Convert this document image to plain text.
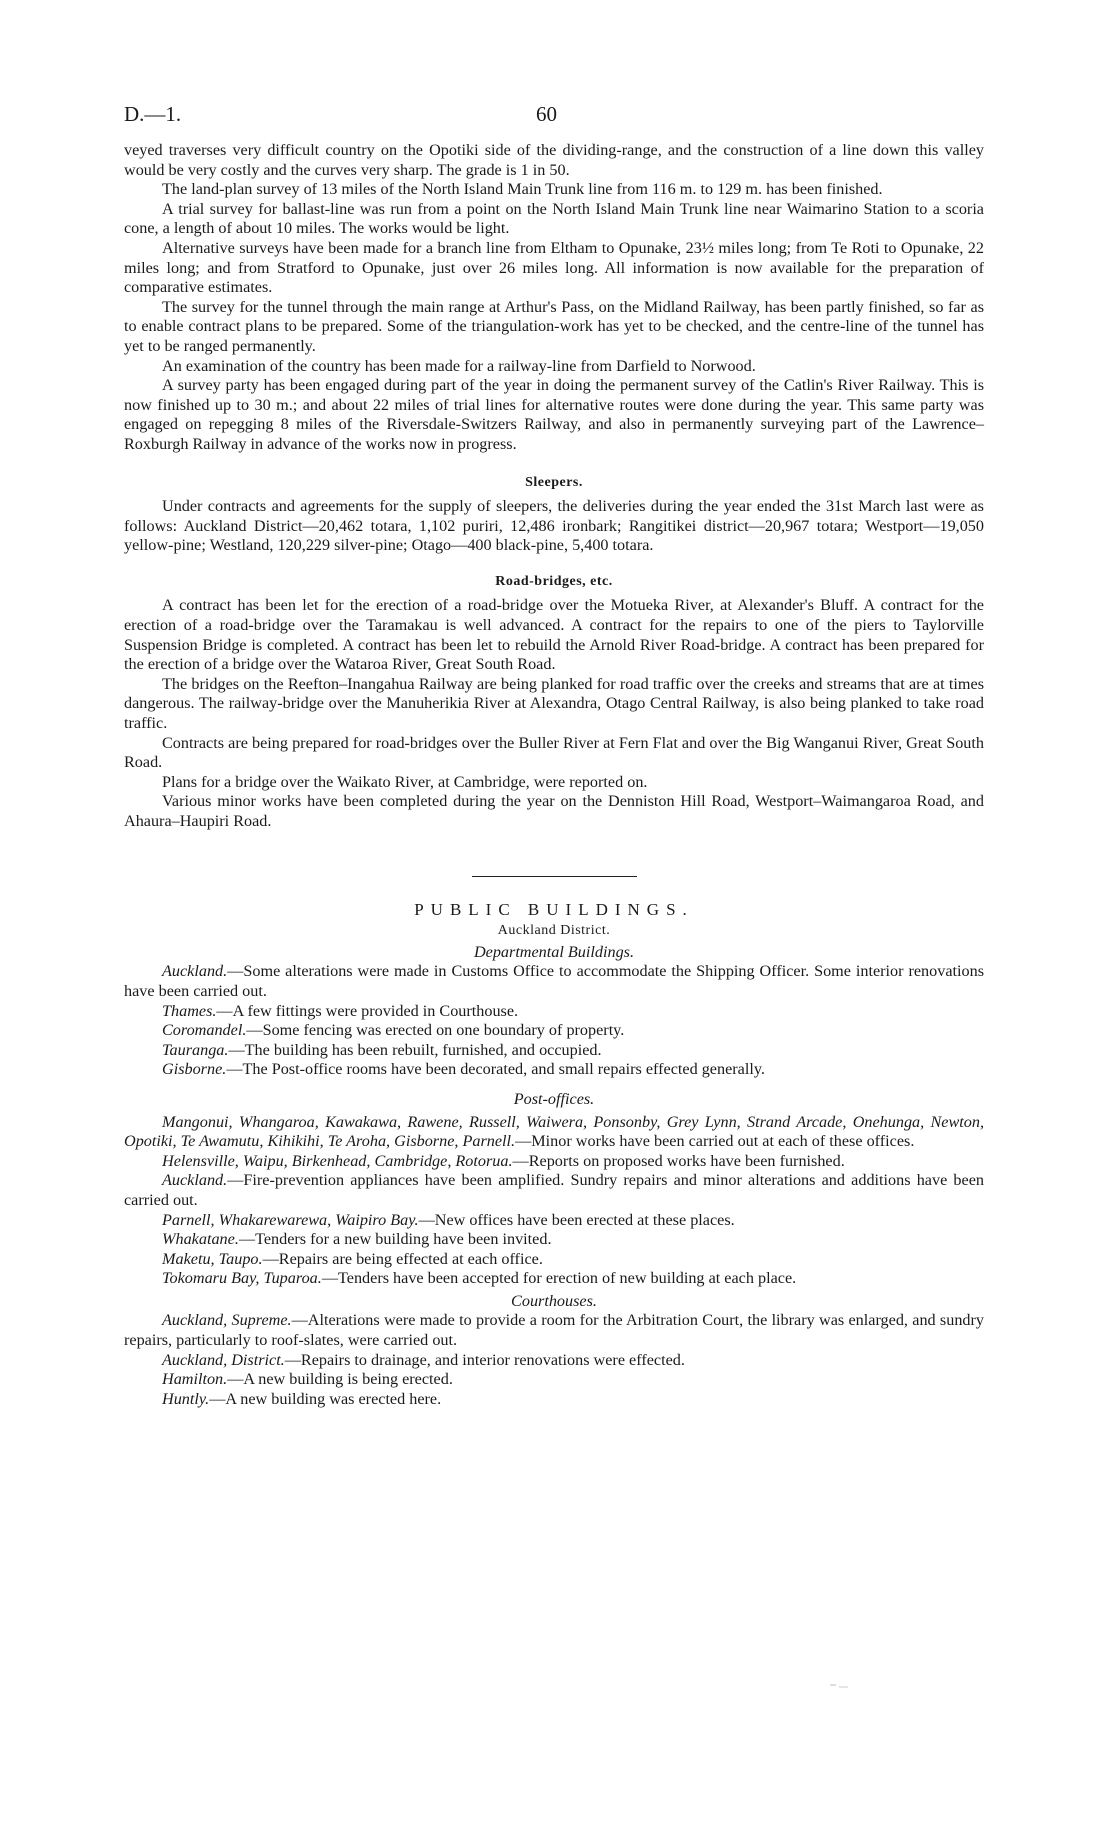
D.—1.	60

veyed traverses very difficult country on the Opotiki side of the dividing-range, and the construction of a line down this valley would be very costly and the curves very sharp. The grade is 1 in 50.

The land-plan survey of 13 miles of the North Island Main Trunk line from 116 m. to 129 m. has been finished.

A trial survey for ballast-line was run from a point on the North Island Main Trunk line near Waimarino Station to a scoria cone, a length of about 10 miles. The works would be light.

Alternative surveys have been made for a branch line from Eltham to Opunake, 23½ miles long; from Te Roti to Opunake, 22 miles long; and from Stratford to Opunake, just over 26 miles long. All information is now available for the preparation of comparative estimates.

The survey for the tunnel through the main range at Arthur's Pass, on the Midland Railway, has been partly finished, so far as to enable contract plans to be prepared. Some of the triangulation-work has yet to be checked, and the centre-line of the tunnel has yet to be ranged permanently.

An examination of the country has been made for a railway-line from Darfield to Norwood.

A survey party has been engaged during part of the year in doing the permanent survey of the Catlin's River Railway. This is now finished up to 30 m.; and about 22 miles of trial lines for alternative routes were done during the year. This same party was engaged on repegging 8 miles of the Riversdale-Switzers Railway, and also in permanently surveying part of the Lawrence–Roxburgh Railway in advance of the works now in progress.

Sleepers.

Under contracts and agreements for the supply of sleepers, the deliveries during the year ended the 31st March last were as follows: Auckland District—20,462 totara, 1,102 puriri, 12,486 ironbark; Rangitikei district—20,967 totara; Westport—19,050 yellow-pine; Westland, 120,229 silver-pine; Otago—400 black-pine, 5,400 totara.

Road-bridges, etc.

A contract has been let for the erection of a road-bridge over the Motueka River, at Alexander's Bluff. A contract for the erection of a road-bridge over the Taramakau is well advanced. A contract for the repairs to one of the piers to Taylorville Suspension Bridge is completed. A contract has been let to rebuild the Arnold River Road-bridge. A contract has been prepared for the erection of a bridge over the Wataroa River, Great South Road.

The bridges on the Reefton–Inangahua Railway are being planked for road traffic over the creeks and streams that are at times dangerous. The railway-bridge over the Manuherikia River at Alexandra, Otago Central Railway, is also being planked to take road traffic.

Contracts are being prepared for road-bridges over the Buller River at Fern Flat and over the Big Wanganui River, Great South Road.

Plans for a bridge over the Waikato River, at Cambridge, were reported on.

Various minor works have been completed during the year on the Denniston Hill Road, Westport–Waimangaroa Road, and Ahaura–Haupiri Road.

PUBLIC BUILDINGS.
Auckland District.
Departmental Buildings.

Auckland.—Some alterations were made in Customs Office to accommodate the Shipping Officer. Some interior renovations have been carried out.

Thames.—A few fittings were provided in Courthouse.

Coromandel.—Some fencing was erected on one boundary of property.

Tauranga.—The building has been rebuilt, furnished, and occupied.

Gisborne.—The Post-office rooms have been decorated, and small repairs effected generally.

Post-offices.

Mangonui, Whangaroa, Kawakawa, Rawene, Russell, Waiwera, Ponsonby, Grey Lynn, Strand Arcade, Onehunga, Newton, Opotiki, Te Awamutu, Kihikihi, Te Aroha, Gisborne, Parnell.—Minor works have been carried out at each of these offices.

Helensville, Waipu, Birkenhead, Cambridge, Rotorua.—Reports on proposed works have been furnished.

Auckland.—Fire-prevention appliances have been amplified. Sundry repairs and minor alterations and additions have been carried out.

Parnell, Whakarewarewa, Waipiro Bay.—New offices have been erected at these places.

Whakatane.—Tenders for a new building have been invited.

Maketu, Taupo.—Repairs are being effected at each office.

Tokomaru Bay, Tuparoa.—Tenders have been accepted for erection of new building at each place.

Courthouses.

Auckland, Supreme.—Alterations were made to provide a room for the Arbitration Court, the library was enlarged, and sundry repairs, particularly to roof-slates, were carried out.

Auckland, District.—Repairs to drainage, and interior renovations were effected.

Hamilton.—A new building is being erected.

Huntly.—A new building was erected here.
